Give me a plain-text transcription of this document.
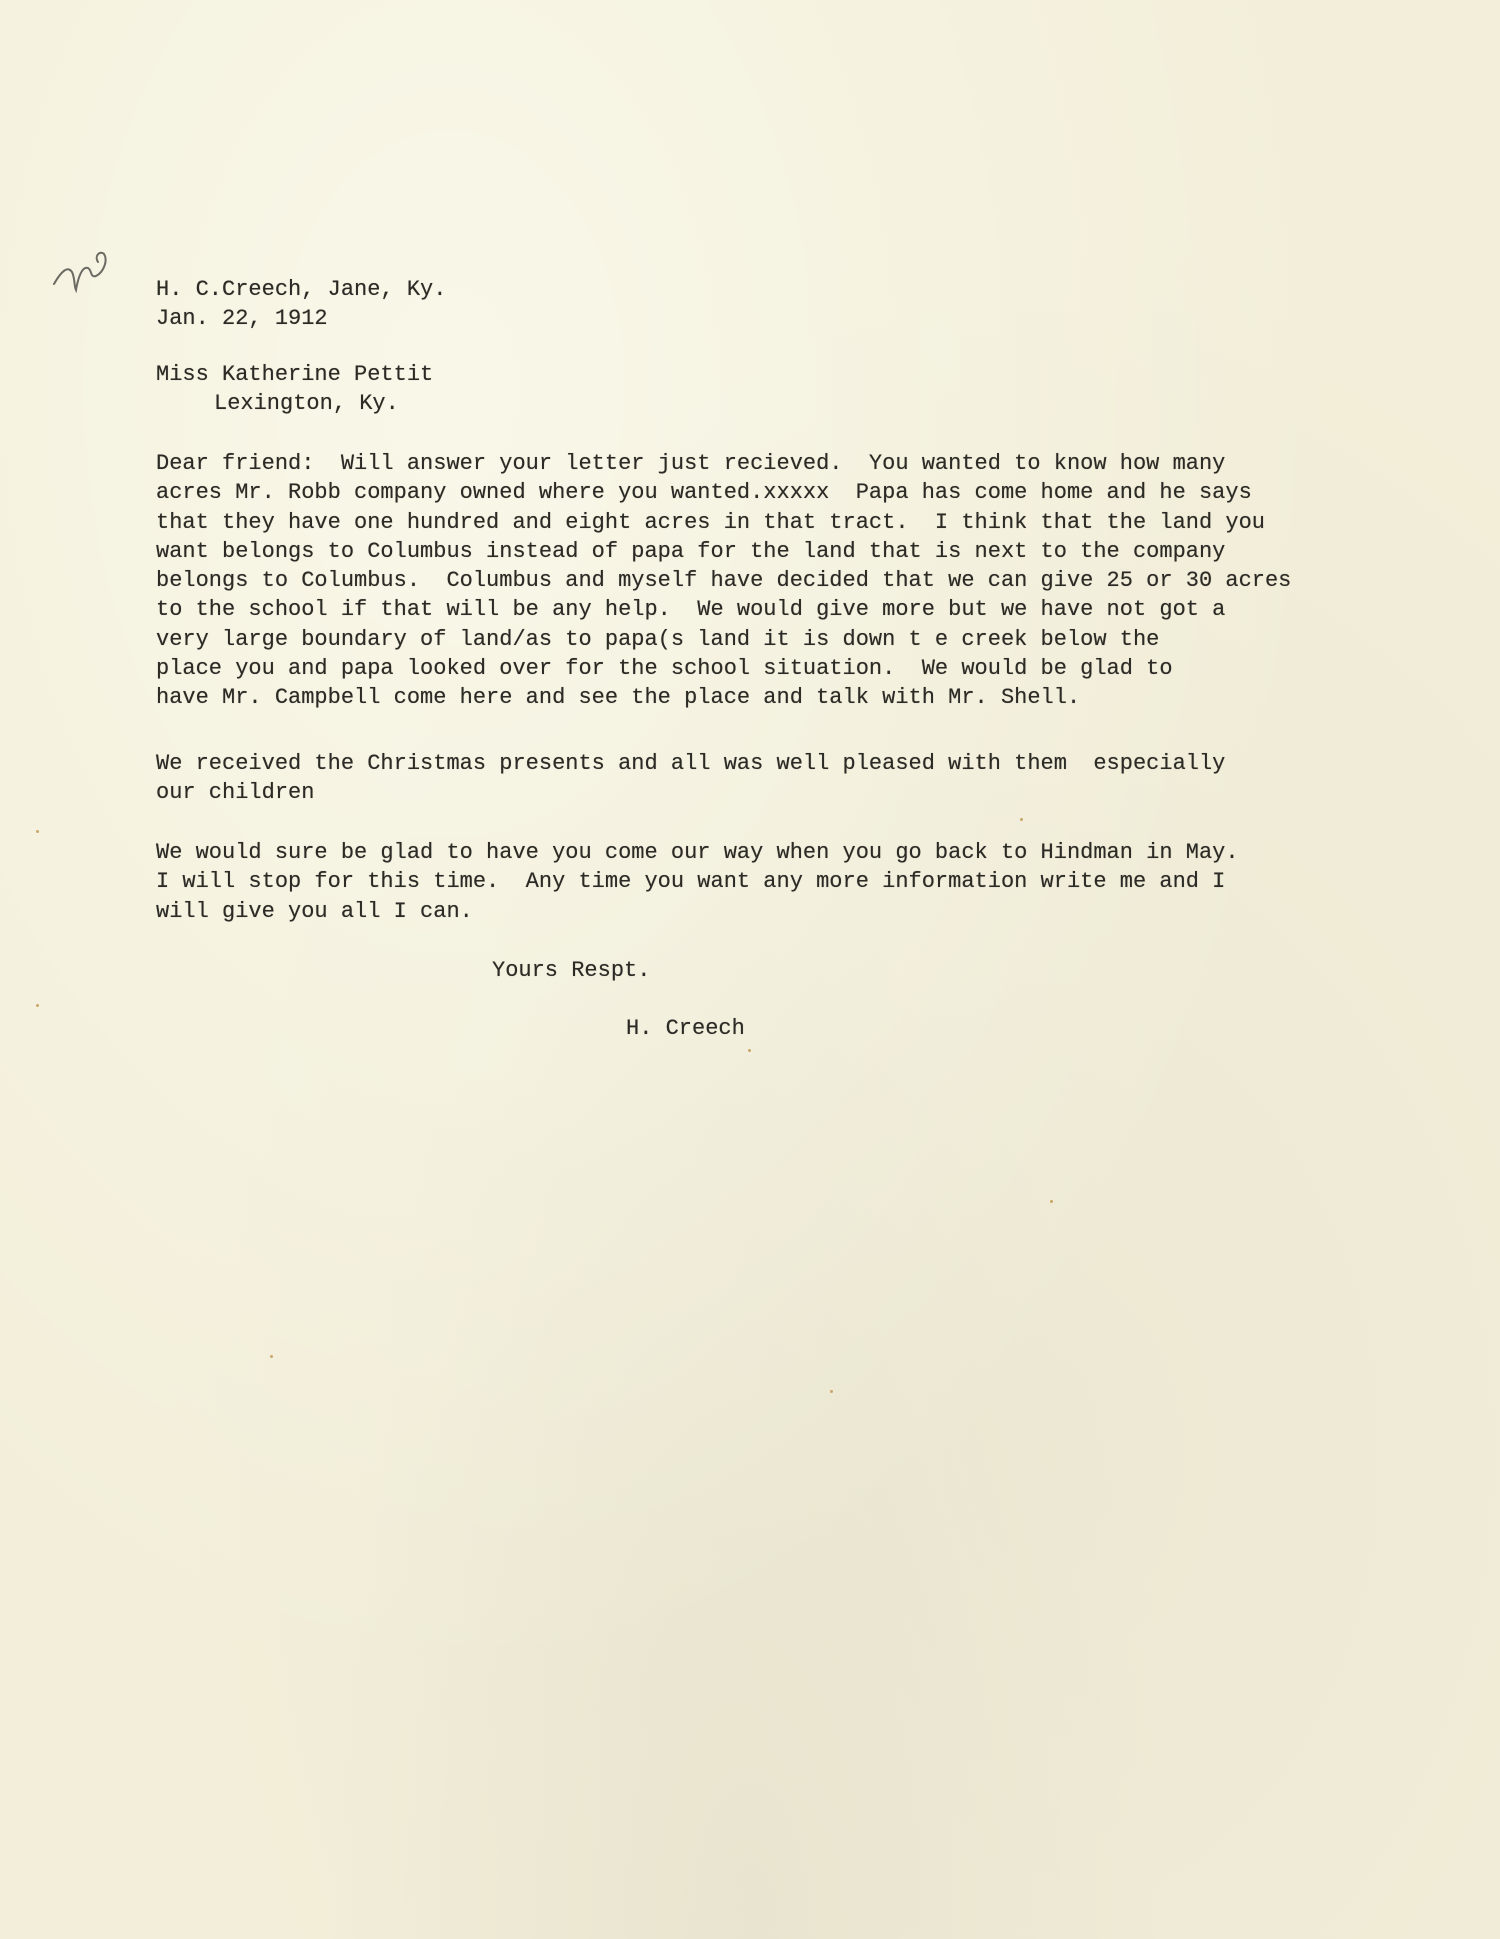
H. C.Creech, Jane, Ky.
Jan. 22, 1912
Miss Katherine Pettit
Lexington, Ky.
Dear friend:  Will answer your letter just recieved.  You wanted to know how many
acres Mr. Robb company owned where you wanted.xxxxx  Papa has come home and he says
that they have one hundred and eight acres in that tract.  I think that the land you
want belongs to Columbus instead of papa for the land that is next to the company
belongs to Columbus.  Columbus and myself have decided that we can give 25 or 30 acres
to the school if that will be any help.  We would give more but we have not got a
very large boundary of land/as to papa(s land it is down t e creek below the
place you and papa looked over for the school situation.  We would be glad to
have Mr. Campbell come here and see the place and talk with Mr. Shell.
We received the Christmas presents and all was well pleased with them  especially
our children
We would sure be glad to have you come our way when you go back to Hindman in May.
I will stop for this time.  Any time you want any more information write me and I
will give you all I can.
Yours Respt.
H. Creech
